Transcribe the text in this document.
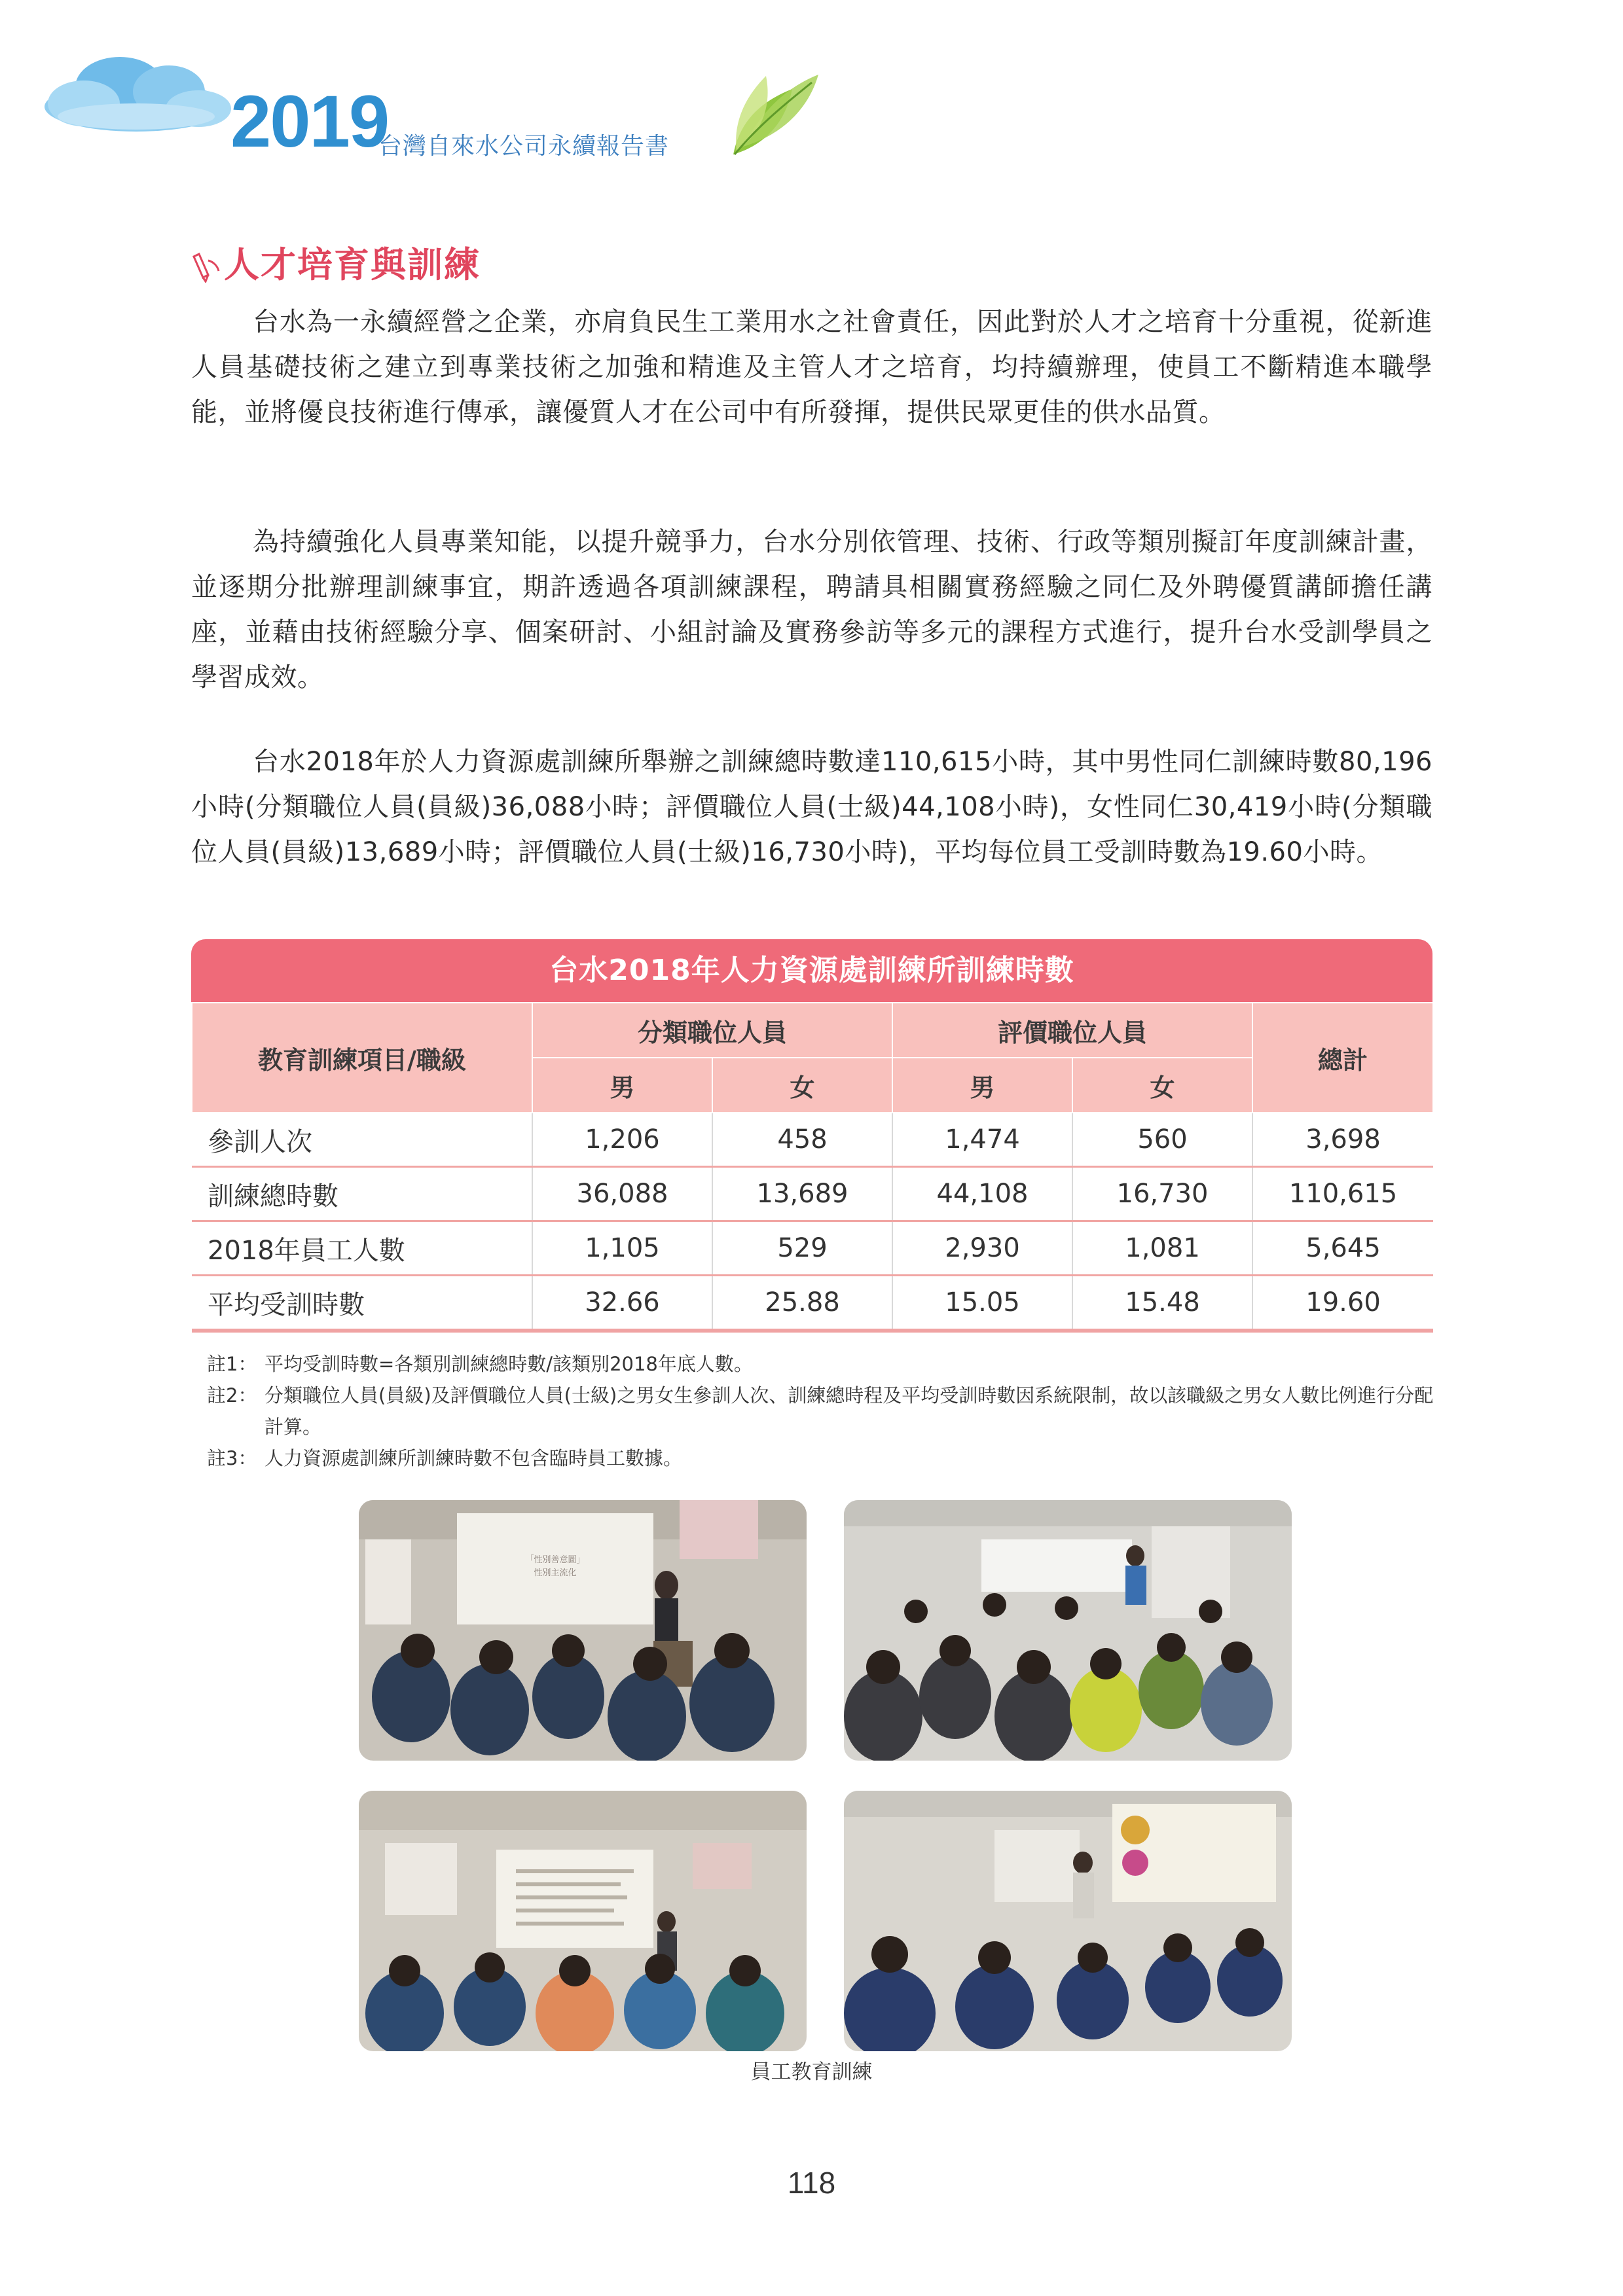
2019
台灣自來水公司永續報告書
人才培育與訓練
台水為一永續經營之企業，亦肩負民生工業用水之社會責任，因此對於人才之培育十分重視，從新進人員基礎技術之建立到專業技術之加強和精進及主管人才之培育，均持續辦理，使員工不斷精進本職學能，並將優良技術進行傳承，讓優質人才在公司中有所發揮，提供民眾更佳的供水品質。
為持續強化人員專業知能，以提升競爭力，台水分別依管理、技術、行政等類別擬訂年度訓練計畫，並逐期分批辦理訓練事宜，期許透過各項訓練課程，聘請具相關實務經驗之同仁及外聘優質講師擔任講座，並藉由技術經驗分享、個案研討、小組討論及實務參訪等多元的課程方式進行，提升台水受訓學員之學習成效。
台水2018年於人力資源處訓練所舉辦之訓練總時數達110,615小時，其中男性同仁訓練時數80,196小時(分類職位人員(員級)36,088小時；評價職位人員(士級)44,108小時)，女性同仁30,419小時(分類職位人員(員級)13,689小時；評價職位人員(士級)16,730小時)，平均每位員工受訓時數為19.60小時。
台水2018年人力資源處訓練所訓練時數
教育訓練項目/職級	分類職位人員		評價職位人員		總計
	男	女	男	女	
參訓人次	1,206	458	1,474	560	3,698
訓練總時數	36,088	13,689	44,108	16,730	110,615
2018年員工人數	1,105	529	2,930	1,081	5,645
平均受訓時數	32.66	25.88	15.05	15.48	19.60
註1： 平均受訓時數=各類別訓練總時數/該類別2018年底人數。
註2： 分類職位人員(員級)及評價職位人員(士級)之男女生參訓人次、訓練總時程及平均受訓時數因系統限制，故以該職級之男女人數比例進行分配計算。
註3： 人力資源處訓練所訓練時數不包含臨時員工數據。
「性別善意圖」
性別主流化
員工教育訓練
118
